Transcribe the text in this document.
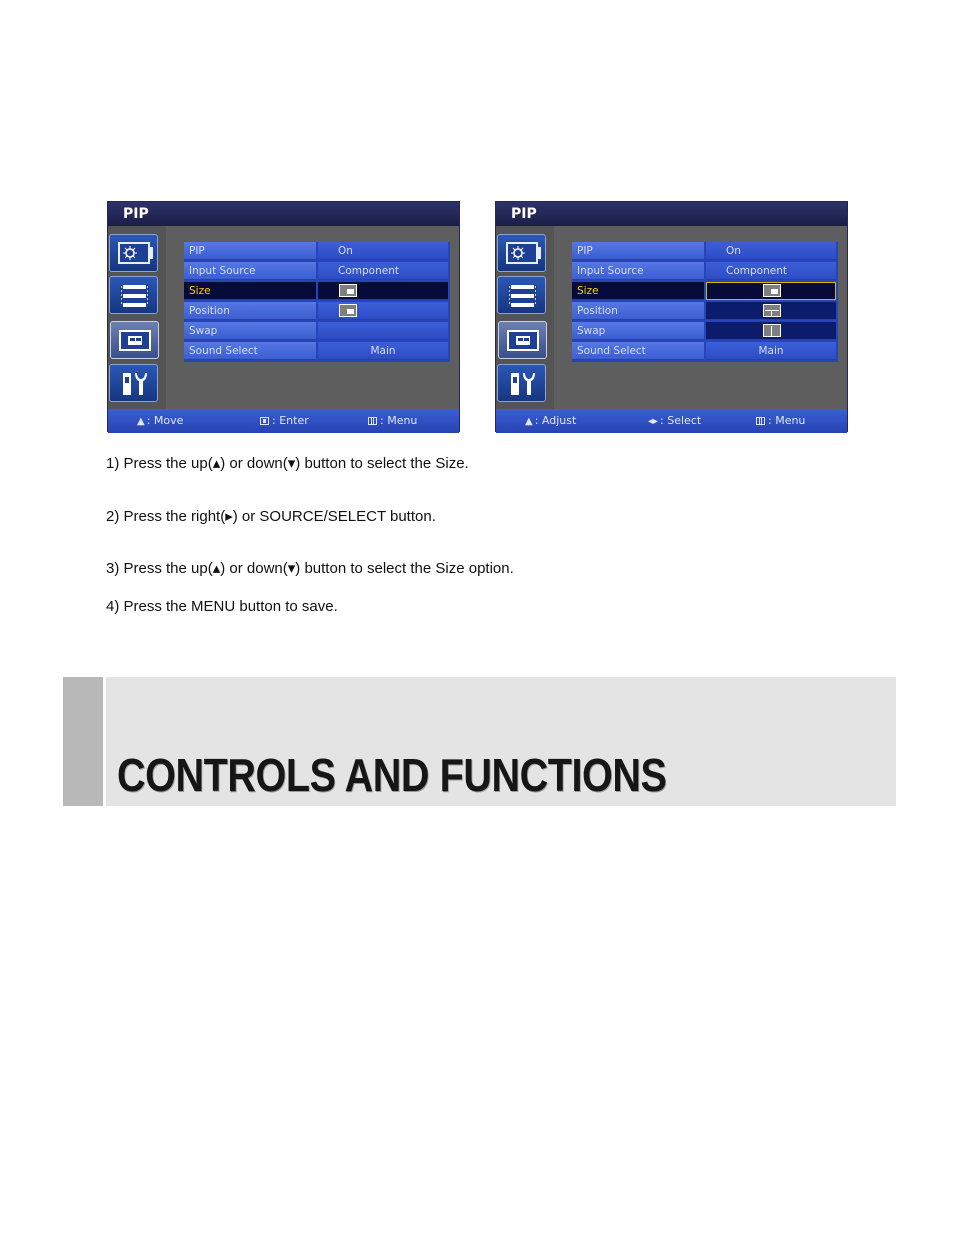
PIP
PIP	On
Input Source	Component
Size
Position
Swap
Sound Select	Main
▲︎ : Move	: Enter	: Menu
PIP
PIP	On
Input Source	Component
Size
Position
Swap
Sound Select	Main
▲︎ : Adjust	◂▸ : Select	: Menu
1) Press the up(▴) or down(▾) button to select the Size.
2) Press the right(▸) or SOURCE/SELECT button.
3) Press the up(▴) or down(▾) button to select the Size option.
4) Press the MENU button to save.
CONTROLS AND FUNCTIONS
